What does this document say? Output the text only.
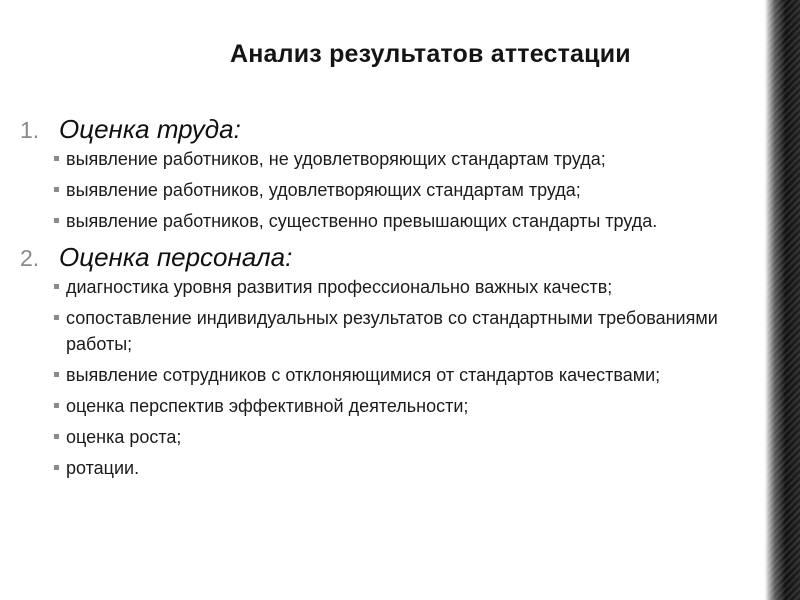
Анализ результатов аттестации
1. Оценка труда:
выявление работников, не удовлетворяющих стандартам труда;
выявление работников, удовлетворяющих стандартам труда;
выявление работников, существенно превышающих стандарты труда.
2. Оценка персонала:
диагностика уровня развития профессионально важных качеств;
сопоставление индивидуальных результатов со стандартными требованиями работы;
выявление сотрудников с отклоняющимися от стандартов качествами;
оценка перспектив эффективной деятельности;
оценка роста;
ротации.
